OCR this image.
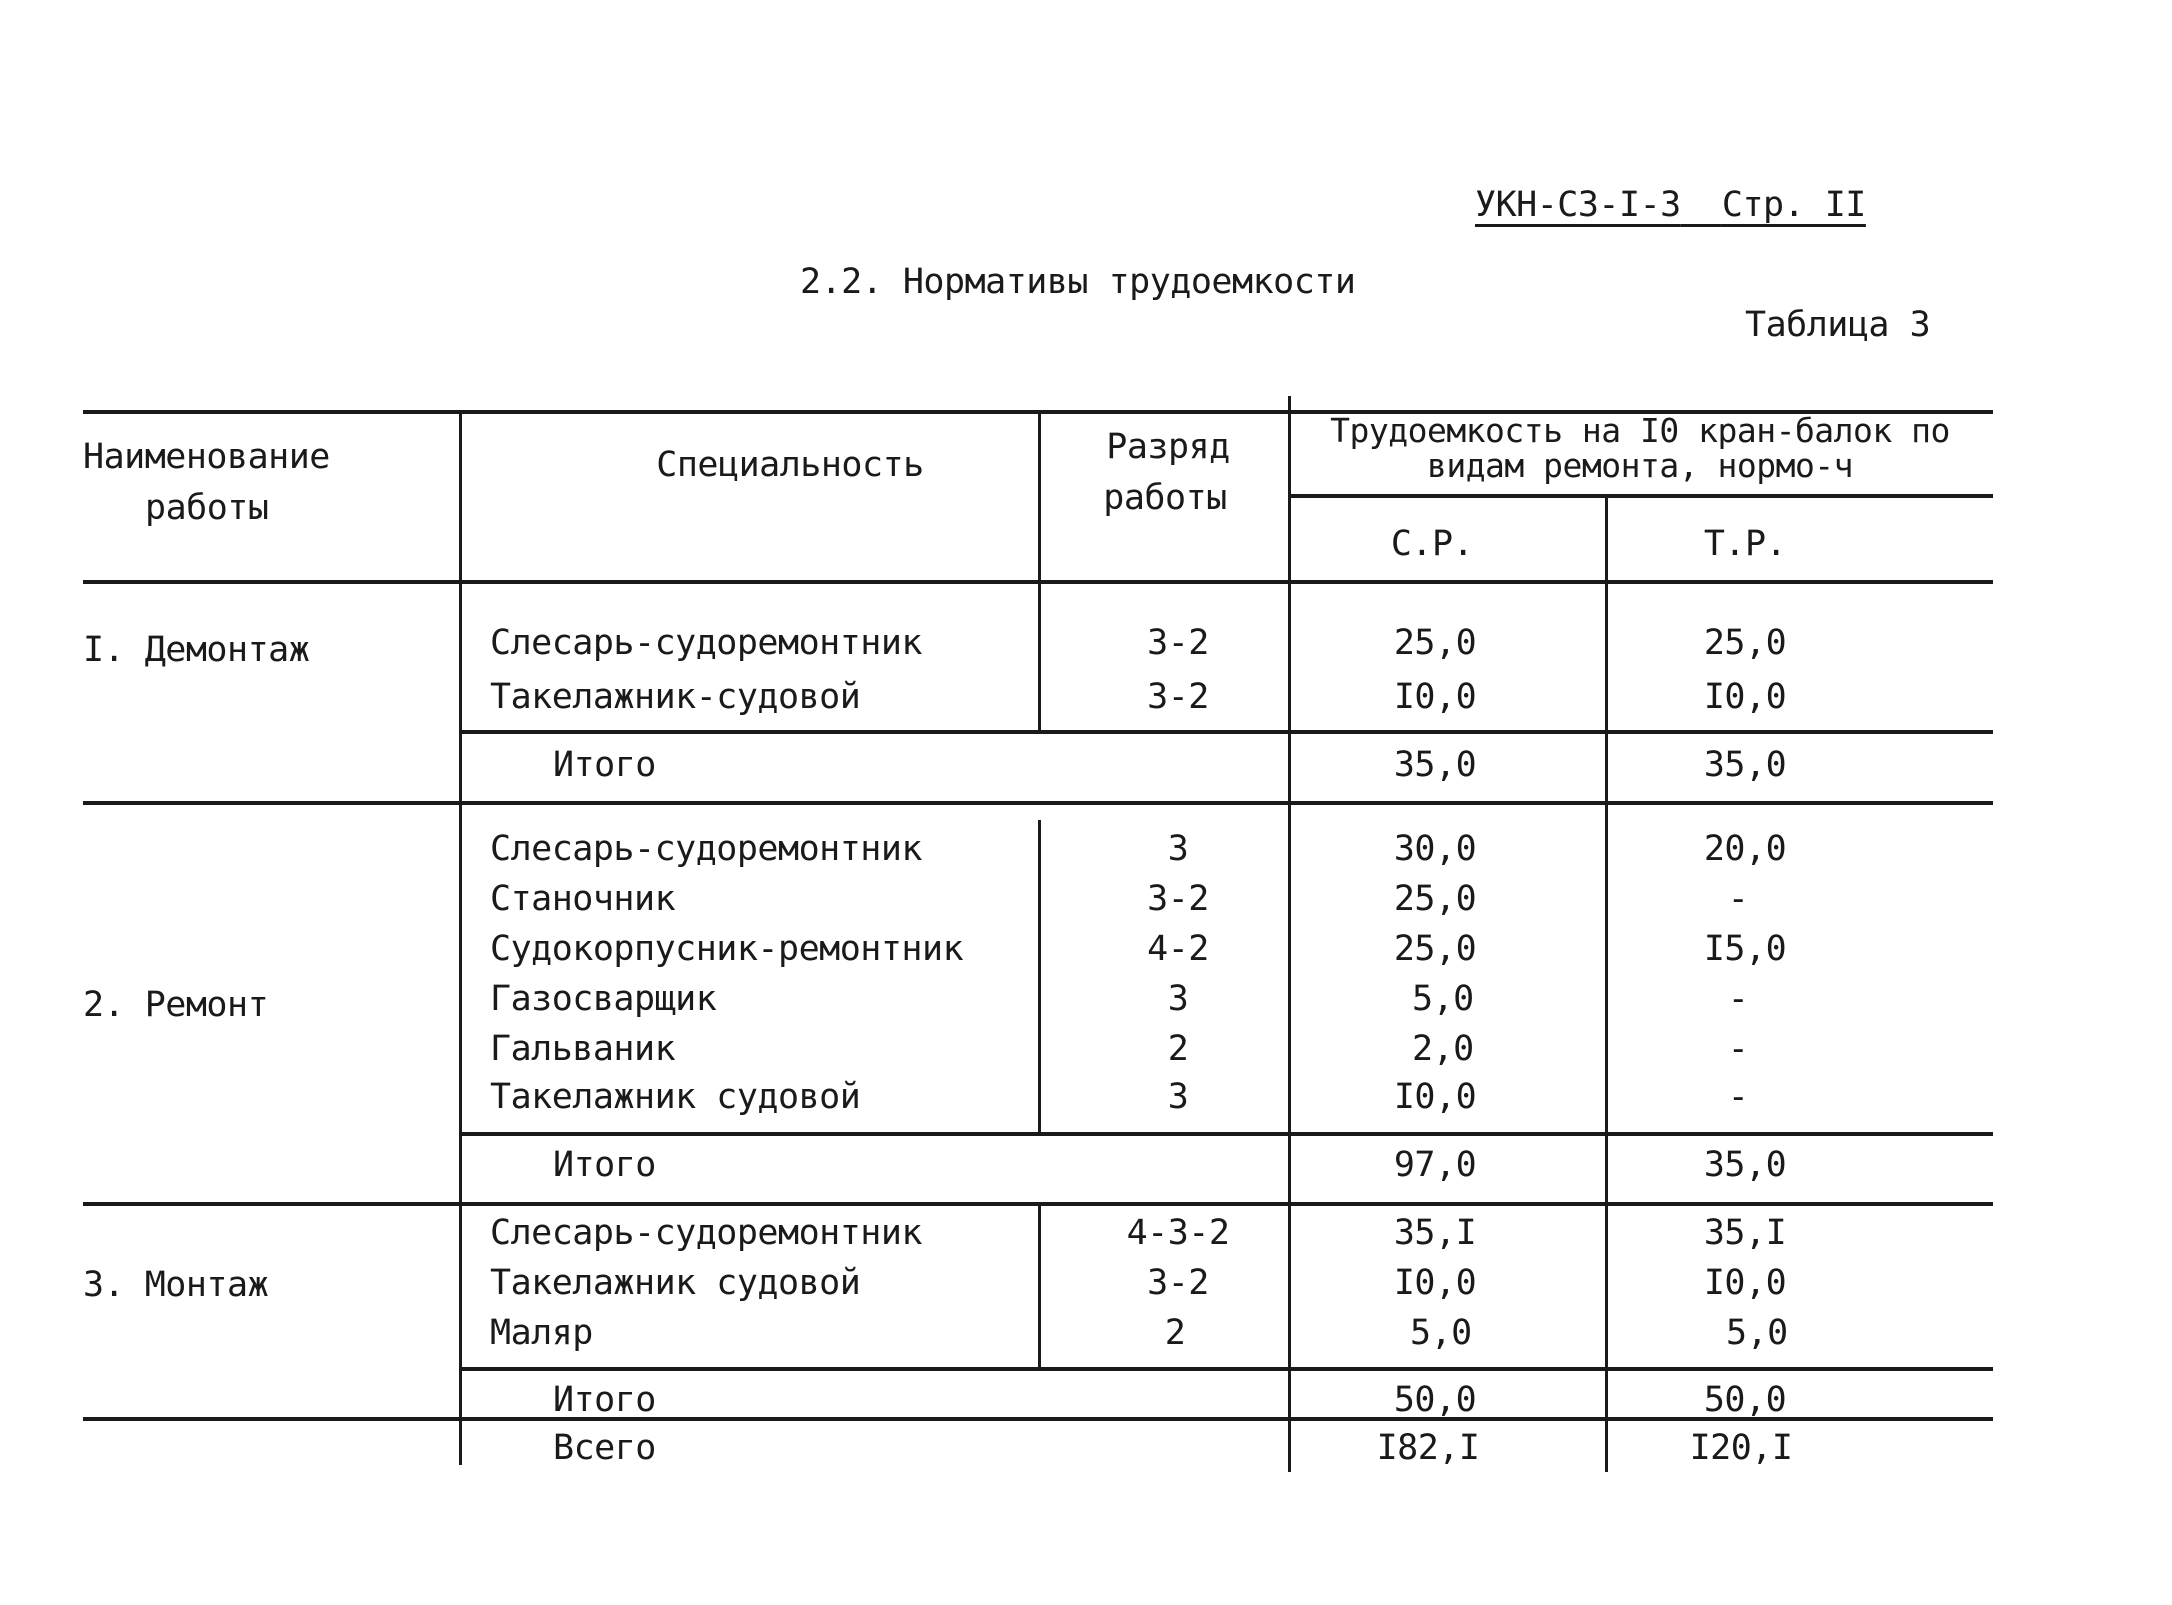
УКН-СЗ-I-3 Стр. II
2.2. Нормативы трудоемкости
Таблица 3
Наименование
работы
Специальность	Разряд
работы
Трудоемкость на I0 кран-балок по
видам ремонта, нормо-ч
С.Р.	Т.Р.
I. Демонтаж	Слесарь-судоремонтник	3-2	25,0	25,0
Такелажник-судовой	3-2	I0,0	I0,0
Итого	35,0	35,0
2. Ремонт
Слесарь-судоремонтник	3	30,0	20,0
Станочник	3-2	25,0	-
Судокорпусник-ремонтник	4-2	25,0	I5,0
Газосварщик	3	5,0	-
Гальваник	2	2,0	-
Такелажник судовой	3	I0,0	-
Итого	97,0	35,0
3. Монтаж
Слесарь-судоремонтник	4-3-2	35,I	35,I
Такелажник судовой	3-2	I0,0	I0,0
Маляр	2	5,0	5,0
Итого	50,0	50,0
Всего	I82,I	I20,I
